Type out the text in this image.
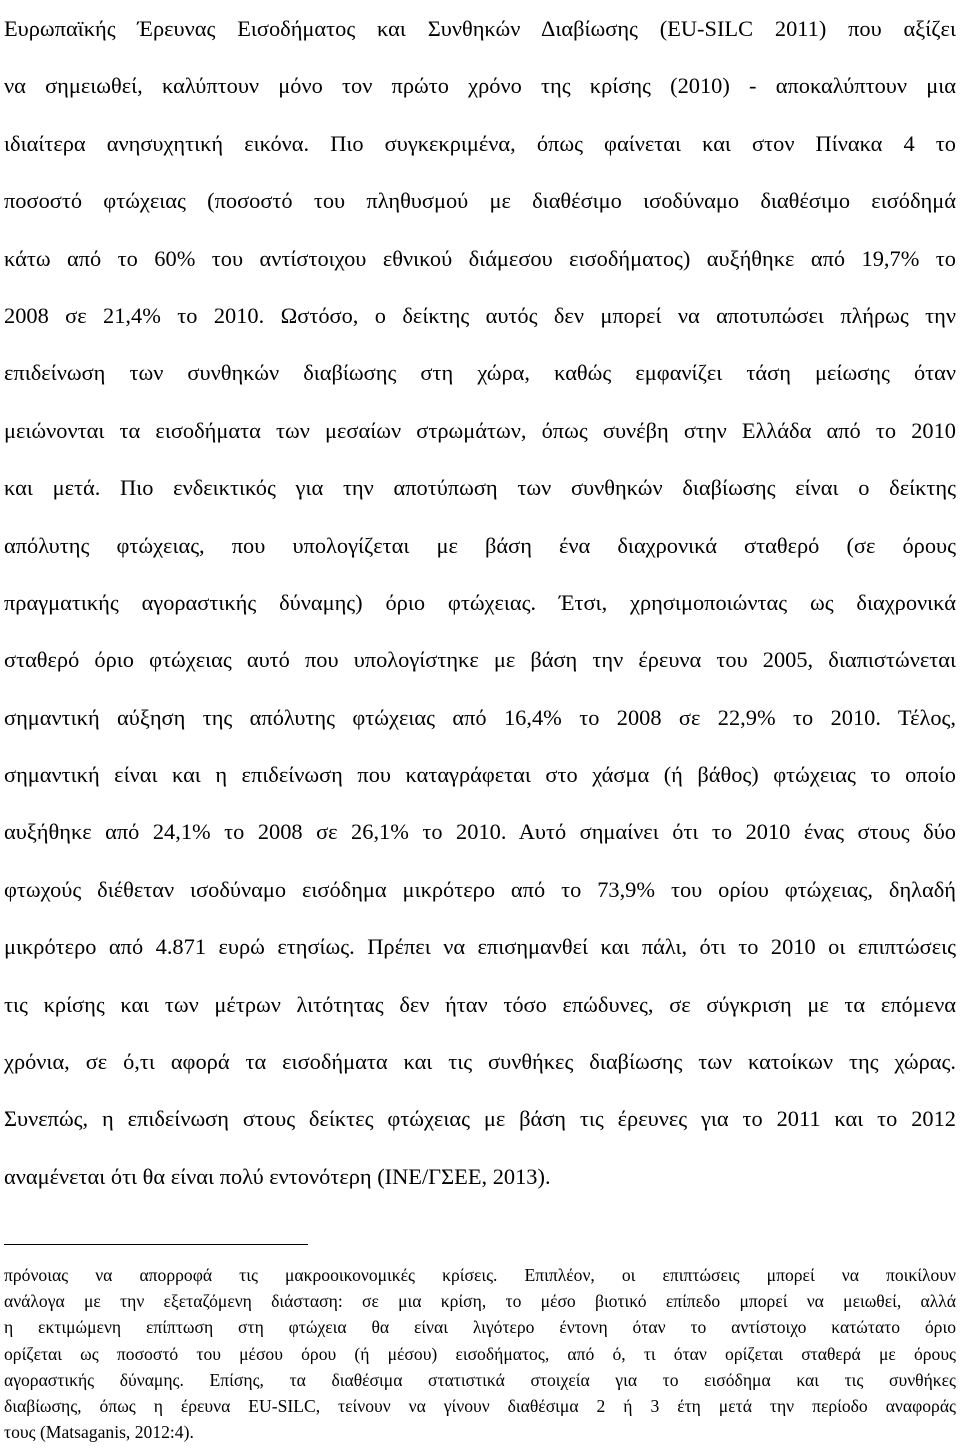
Ευρωπαϊκής Έρευνας Εισοδήματος και Συνθηκών Διαβίωσης (EU-SILC 2011) που αξίζει
να σημειωθεί, καλύπτουν μόνο τον πρώτο χρόνο της κρίσης (2010) - αποκαλύπτουν μια
ιδιαίτερα ανησυχητική εικόνα. Πιο συγκεκριμένα, όπως φαίνεται και στον Πίνακα 4 το
ποσοστό φτώχειας (ποσοστό του πληθυσμού με διαθέσιμο ισοδύναμο διαθέσιμο εισόδημά
κάτω από το 60% του αντίστοιχου εθνικού διάμεσου εισοδήματος) αυξήθηκε από 19,7% το
2008 σε 21,4% το 2010. Ωστόσο, ο δείκτης αυτός δεν μπορεί να αποτυπώσει πλήρως την
επιδείνωση των συνθηκών διαβίωσης στη χώρα, καθώς εμφανίζει τάση μείωσης όταν
μειώνονται τα εισοδήματα των μεσαίων στρωμάτων, όπως συνέβη στην Ελλάδα από το 2010
και μετά. Πιο ενδεικτικός για την αποτύπωση των συνθηκών διαβίωσης είναι ο δείκτης
απόλυτης φτώχειας, που υπολογίζεται με βάση ένα διαχρονικά σταθερό (σε όρους
πραγματικής αγοραστικής δύναμης) όριο φτώχειας. Έτσι, χρησιμοποιώντας ως διαχρονικά
σταθερό όριο φτώχειας αυτό που υπολογίστηκε με βάση την έρευνα του 2005, διαπιστώνεται
σημαντική αύξηση της απόλυτης φτώχειας από 16,4% το 2008 σε 22,9% το 2010. Τέλος,
σημαντική είναι και η επιδείνωση που καταγράφεται στο χάσμα (ή βάθος) φτώχειας το οποίο
αυξήθηκε από 24,1% το 2008 σε 26,1% το 2010. Αυτό σημαίνει ότι το 2010 ένας στους δύο
φτωχούς διέθεταν ισοδύναμο εισόδημα μικρότερο από το 73,9% του ορίου φτώχειας, δηλαδή
μικρότερο από 4.871 ευρώ ετησίως. Πρέπει να επισημανθεί και πάλι, ότι το 2010 οι επιπτώσεις
τις κρίσης και των μέτρων λιτότητας δεν ήταν τόσο επώδυνες, σε σύγκριση με τα επόμενα
χρόνια, σε ό,τι αφορά τα εισοδήματα και τις συνθήκες διαβίωσης των κατοίκων της χώρας.
Συνεπώς, η επιδείνωση στους δείκτες φτώχειας με βάση τις έρευνες για το 2011 και το 2012
αναμένεται ότι θα είναι πολύ εντονότερη (ΙΝΕ/ΓΣΕΕ, 2013).
πρόνοιας να απορροφά τις μακροοικονομικές κρίσεις. Επιπλέον, οι επιπτώσεις μπορεί να ποικίλουν
ανάλογα με την εξεταζόμενη διάσταση: σε μια κρίση, το μέσο βιοτικό επίπεδο μπορεί να μειωθεί, αλλά
η εκτιμώμενη επίπτωση στη φτώχεια θα είναι λιγότερο έντονη όταν το αντίστοιχο κατώτατο όριο
ορίζεται ως ποσοστό του μέσου όρου (ή μέσου) εισοδήματος, από ό, τι όταν ορίζεται σταθερά με όρους
αγοραστικής δύναμης. Επίσης, τα διαθέσιμα στατιστικά στοιχεία για το εισόδημα και τις συνθήκες
διαβίωσης, όπως η έρευνα EU-SILC, τείνουν να γίνουν διαθέσιμα 2 ή 3 έτη μετά την περίοδο αναφοράς
τους (Matsaganis, 2012:4).
